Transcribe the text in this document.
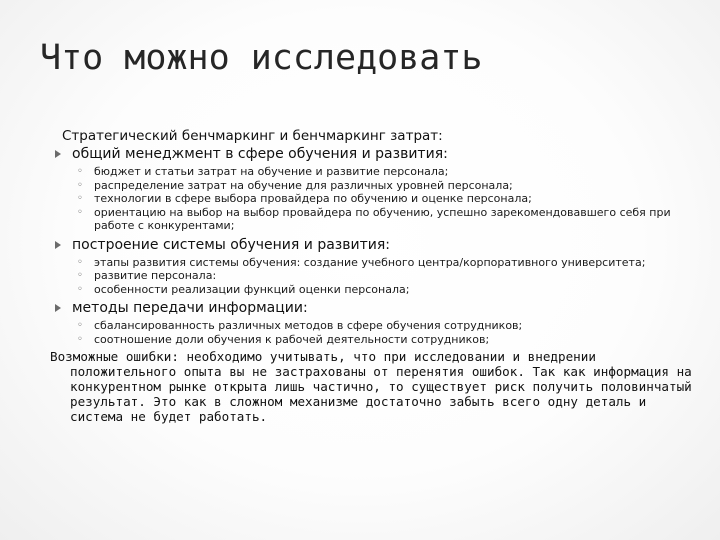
Что можно исследовать
Стратегический бенчмаркинг и бенчмаркинг затрат:
общий менеджмент в сфере обучения и развития:
◦ бюджет и статьи затрат на обучение и развитие персонала;
◦ распределение затрат на обучение для различных уровней персонала;
◦ технологии в сфере выбора провайдера по обучению и оценке персонала;
◦ ориентацию на выбор на выбор провайдера по обучению, успешно зарекомендовавшего себя при работе с конкурентами;
построение системы обучения и развития:
◦ этапы развития системы обучения: создание учебного центра/корпоративного университета;
◦ развитие персонала:
◦ особенности реализации функций оценки персонала;
методы передачи информации:
◦ сбалансированность различных методов в сфере обучения сотрудников;
◦ соотношение доли обучения к рабочей деятельности сотрудников;
Возможные ошибки: необходимо учитывать, что при исследовании и внедрении положительного опыта вы не застрахованы от перенятия ошибок. Так как информация на конкурентном рынке открыта лишь частично, то существует риск получить половинчатый результат. Это как в сложном механизме достаточно забыть всего одну деталь и система не будет работать.
